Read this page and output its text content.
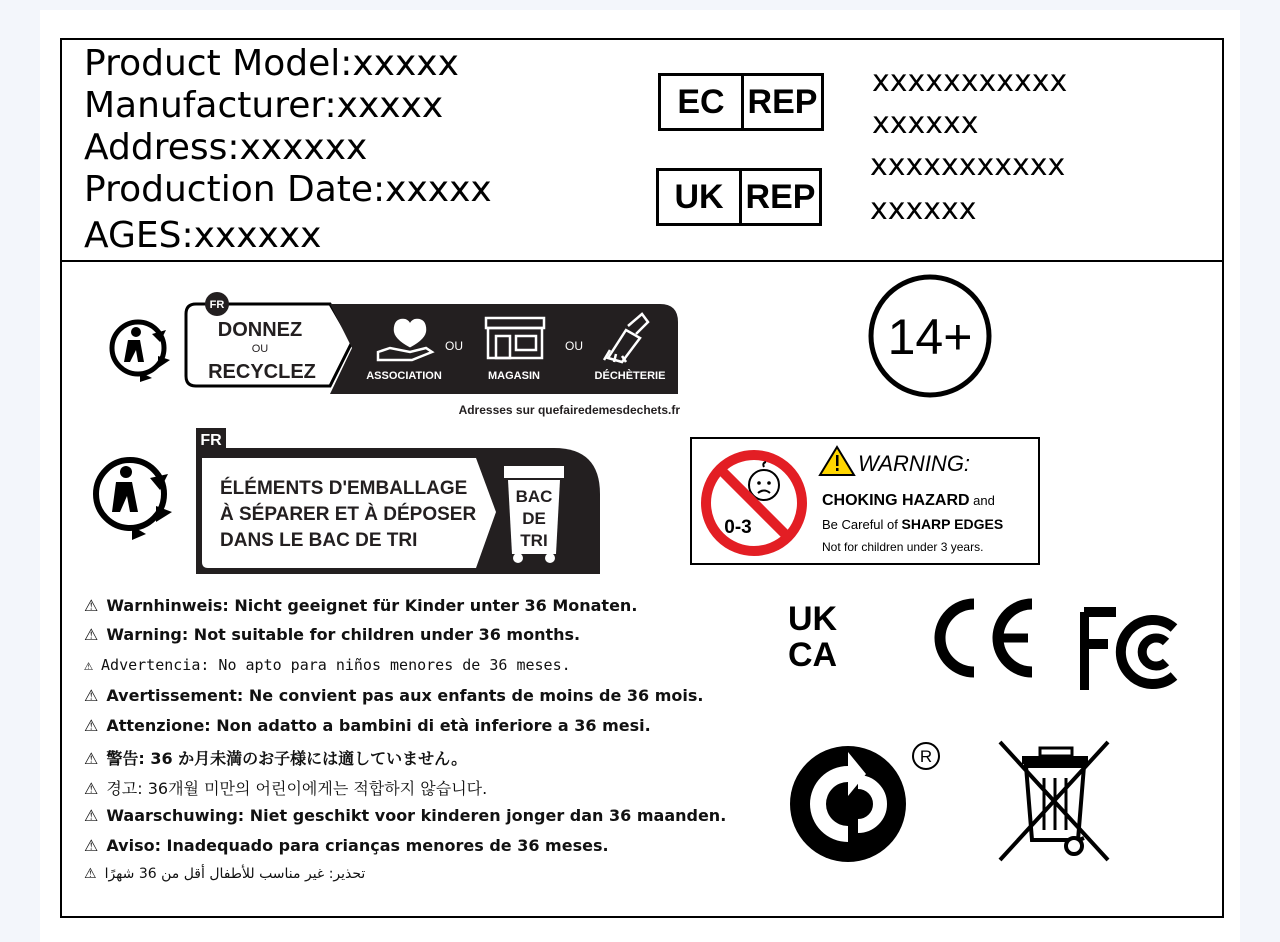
Product Model:xxxxx
Manufacturer:xxxxx
Address:xxxxxx
Production Date:xxxxx
AGES:xxxxxx
EC REP
xxxxxxxxxxx
xxxxxx
UK REP
xxxxxxxxxxx
xxxxxx
FR
DONNEZ
OU
RECYCLEZ
OU	OU
ASSOCIATION	MAGASIN	DÉCHÈTERIE
Adresses sur quefairedemesdechets.fr
14+
FR
ÉLÉMENTS D'EMBALLAGE
À SÉPARER ET À DÉPOSER
DANS LE BAC DE TRI
BAC
DE
TRI
0-3
WARNING:
CHOKING HAZARD and
Be Careful of SHARP EDGES
Not for children under 3 years.
⚠ Warnhinweis: Nicht geeignet für Kinder unter 36 Monaten.
⚠ Warning: Not suitable for children under 36 months.
⚠ Advertencia: No apto para niños menores de 36 meses.
⚠ Avertissement: Ne convient pas aux enfants de moins de 36 mois.
⚠ Attenzione: Non adatto a bambini di età inferiore a 36 mesi.
⚠ 警告: 36 か月未満のお子様には適していません。
⚠ 경고: 36개월 미만의 어린이에게는 적합하지 않습니다.
⚠ Waarschuwing: Niet geschikt voor kinderen jonger dan 36 maanden.
⚠ Aviso: Inadequado para crianças menores de 36 meses.
⚠ تحذير: غير مناسب للأطفال أقل من 36 شهرًا
UK
CA
R
